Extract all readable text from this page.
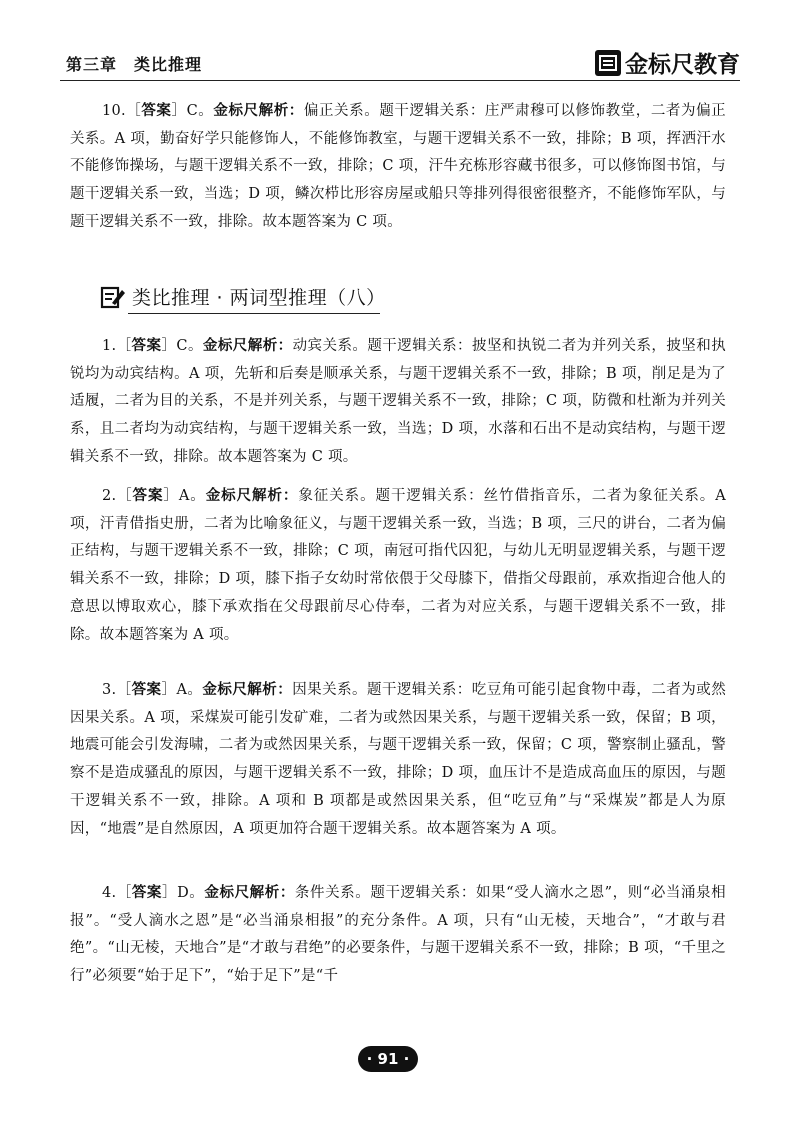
第三章　类比推理	金标尺教育

10.［答案］C。金标尺解析：偏正关系。题干逻辑关系：庄严肃穆可以修饰教堂，二者为偏正关系。A 项，勤奋好学只能修饰人，不能修饰教室，与题干逻辑关系不一致，排除；B 项，挥洒汗水不能修饰操场，与题干逻辑关系不一致，排除；C 项，汗牛充栋形容藏书很多，可以修饰图书馆，与题干逻辑关系一致，当选；D 项，鳞次栉比形容房屋或船只等排列得很密很整齐，不能修饰军队，与题干逻辑关系不一致，排除。故本题答案为 C 项。

类比推理 · 两词型推理（八）

1.［答案］C。金标尺解析：动宾关系。题干逻辑关系：披坚和执锐二者为并列关系，披坚和执锐均为动宾结构。A 项，先斩和后奏是顺承关系，与题干逻辑关系不一致，排除；B 项，削足是为了适履，二者为目的关系，不是并列关系，与题干逻辑关系不一致，排除；C 项，防微和杜渐为并列关系，且二者均为动宾结构，与题干逻辑关系一致，当选；D 项，水落和石出不是动宾结构，与题干逻辑关系不一致，排除。故本题答案为 C 项。

2.［答案］A。金标尺解析：象征关系。题干逻辑关系：丝竹借指音乐，二者为象征关系。A 项，汗青借指史册，二者为比喻象征义，与题干逻辑关系一致，当选；B 项，三尺的讲台，二者为偏正结构，与题干逻辑关系不一致，排除；C 项，南冠可指代囚犯，与幼儿无明显逻辑关系，与题干逻辑关系不一致，排除；D 项，膝下指子女幼时常依偎于父母膝下，借指父母跟前，承欢指迎合他人的意思以博取欢心，膝下承欢指在父母跟前尽心侍奉，二者为对应关系，与题干逻辑关系不一致，排除。故本题答案为 A 项。

3.［答案］A。金标尺解析：因果关系。题干逻辑关系：吃豆角可能引起食物中毒，二者为或然因果关系。A 项，采煤炭可能引发矿难，二者为或然因果关系，与题干逻辑关系一致，保留；B 项，地震可能会引发海啸，二者为或然因果关系，与题干逻辑关系一致，保留；C 项，警察制止骚乱，警察不是造成骚乱的原因，与题干逻辑关系不一致，排除；D 项，血压计不是造成高血压的原因，与题干逻辑关系不一致，排除。A 项和 B 项都是或然因果关系，但“吃豆角”与“采煤炭”都是人为原因，“地震”是自然原因，A 项更加符合题干逻辑关系。故本题答案为 A 项。

4.［答案］D。金标尺解析：条件关系。题干逻辑关系：如果“受人滴水之恩”，则“必当涌泉相报”。“受人滴水之恩”是“必当涌泉相报”的充分条件。A 项，只有“山无棱，天地合”，“才敢与君绝”。“山无棱，天地合”是“才敢与君绝”的必要条件，与题干逻辑关系不一致，排除；B 项，“千里之行”必须要“始于足下”，“始于足下”是“千

· 91 ·
